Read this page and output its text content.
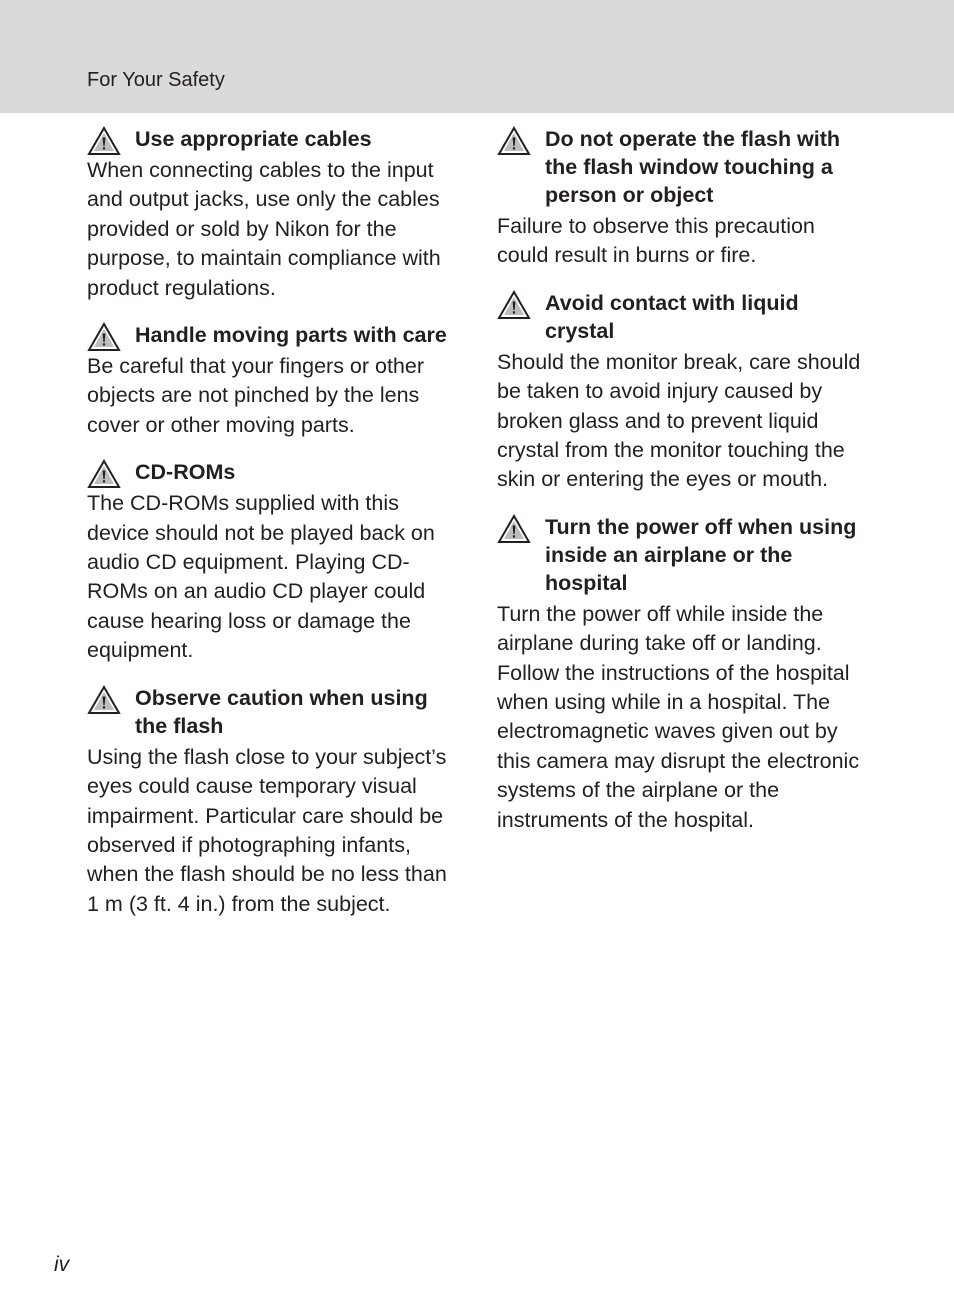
For Your Safety
Use appropriate cables
When connecting cables to the input and output jacks, use only the cables provided or sold by Nikon for the purpose, to maintain compliance with product regulations.
Handle moving parts with care
Be careful that your fingers or other objects are not pinched by the lens cover or other moving parts.
CD-ROMs
The CD-ROMs supplied with this device should not be played back on audio CD equipment. Playing CD-ROMs on an audio CD player could cause hearing loss or damage the equipment.
Observe caution when using the flash
Using the flash close to your subject’s eyes could cause temporary visual impairment. Particular care should be observed if photographing infants, when the flash should be no less than 1 m (3 ft. 4 in.) from the subject.
Do not operate the flash with the flash window touching a person or object
Failure to observe this precaution could result in burns or fire.
Avoid contact with liquid crystal
Should the monitor break, care should be taken to avoid injury caused by broken glass and to prevent liquid crystal from the monitor touching the skin or entering the eyes or mouth.
Turn the power off when using inside an airplane or the hospital
Turn the power off while inside the airplane during take off or landing. Follow the instructions of the hospital when using while in a hospital. The electromagnetic waves given out by this camera may disrupt the electronic systems of the airplane or the instruments of the hospital.
iv
